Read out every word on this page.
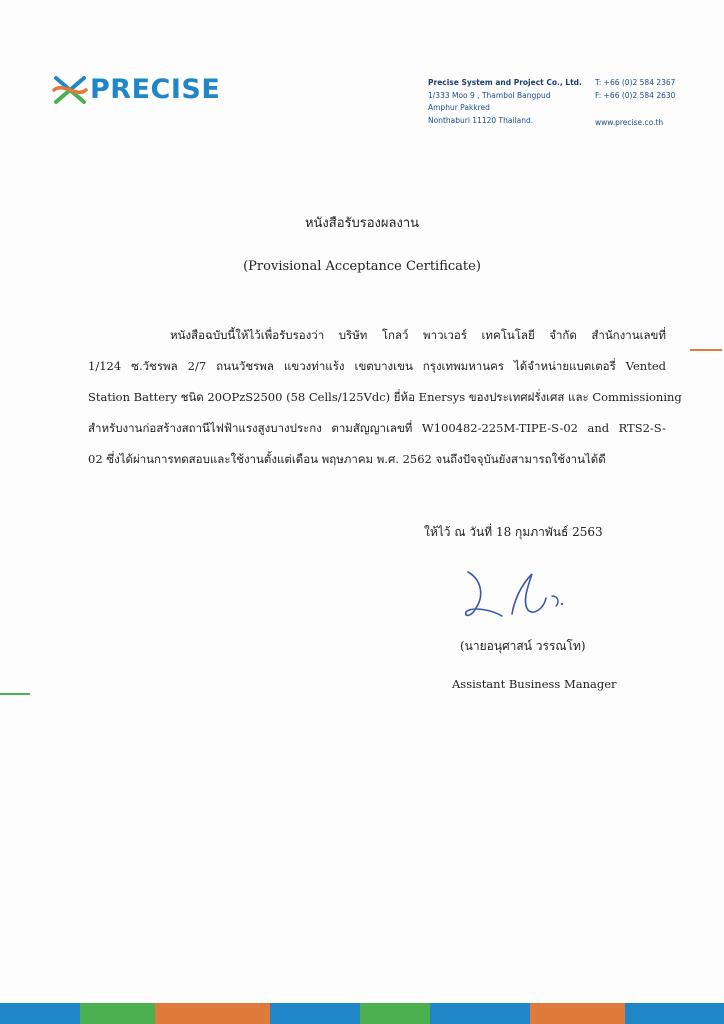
PRECISE	Precise System and Project Co., Ltd.
1/333 Moo 9 , Thambol Bangpud
Amphur Pakkred
Nonthaburi 11120 Thailand.
T: +66 (0)2 584 2367
F: +66 (0)2 584 2630
www.precise.co.th
หนังสือรับรองผลงาน
(Provisional Acceptance Certificate)
หนังสือฉบับนี้ให้ไว้เพื่อรับรองว่า บริษัท โกลว์ พาวเวอร์ เทคโนโลยี จำกัด สำนักงานเลขที่
1/124 ซ.วัชรพล 2/7 ถนนวัชรพล แขวงท่าแร้ง เขตบางเขน กรุงเทพมหานคร ได้จำหน่ายแบตเตอรี่ Vented
Station Battery ชนิด 20OPzS2500 (58 Cells/125Vdc) ยี่ห้อ Enersys ของประเทศฝรั่งเศส และ Commissioning
สำหรับงานก่อสร้างสถานีไฟฟ้าแรงสูงบางประกง ตามสัญญาเลขที่ W100482-225M-TIPE-S-02 and RTS2-S-
02 ซึ่งได้ผ่านการทดสอบและใช้งานตั้งแต่เดือน พฤษภาคม พ.ศ. 2562 จนถึงปัจจุบันยังสามารถใช้งานได้ดี
ให้ไว้ ณ วันที่ 18 กุมภาพันธ์ 2563
(นายอนุศาสน์ วรรณโท)
Assistant Business Manager
